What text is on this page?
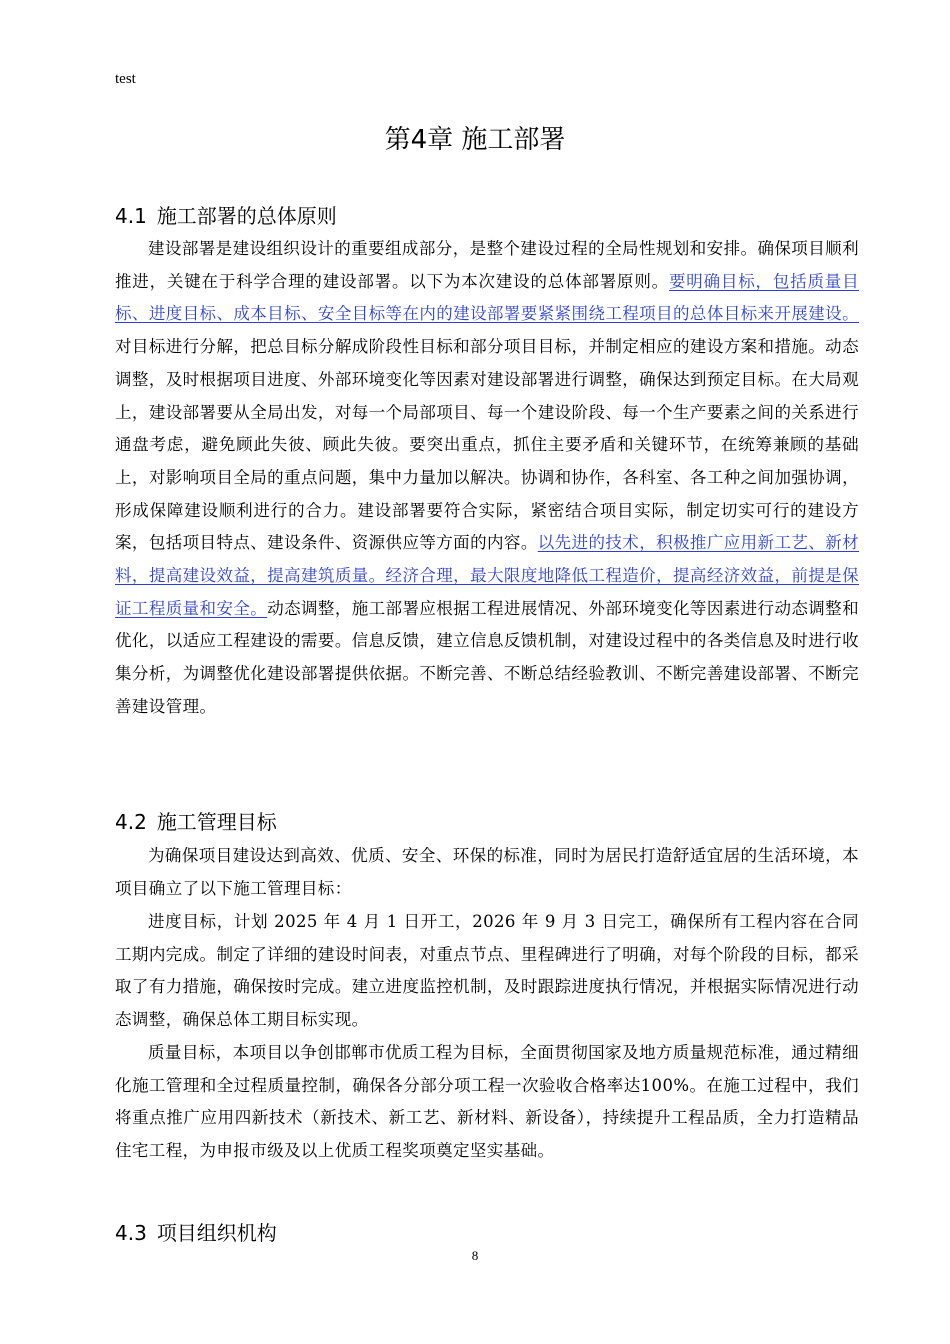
test
第4章 施工部署
4.1 施工部署的总体原则

建设部署是建设组织设计的重要组成部分，是整个建设过程的全局性规划和安排。确保项目顺利推进，关键在于科学合理的建设部署。以下为本次建设的总体部署原则。要明确目标，包括质量目标、进度目标、成本目标、安全目标等在内的建设部署要紧紧围绕工程项目的总体目标来开展建设。对目标进行分解，把总目标分解成阶段性目标和部分项目目标，并制定相应的建设方案和措施。动态调整，及时根据项目进度、外部环境变化等因素对建设部署进行调整，确保达到预定目标。在大局观上，建设部署要从全局出发，对每一个局部项目、每一个建设阶段、每一个生产要素之间的关系进行通盘考虑，避免顾此失彼、顾此失彼。要突出重点，抓住主要矛盾和关键环节，在统筹兼顾的基础上，对影响项目全局的重点问题，集中力量加以解决。协调和协作，各科室、各工种之间加强协调，形成保障建设顺利进行的合力。建设部署要符合实际，紧密结合项目实际，制定切实可行的建设方案，包括项目特点、建设条件、资源供应等方面的内容。以先进的技术，积极推广应用新工艺、新材料，提高建设效益，提高建筑质量。经济合理，最大限度地降低工程造价，提高经济效益，前提是保证工程质量和安全。动态调整，施工部署应根据工程进展情况、外部环境变化等因素进行动态调整和优化，以适应工程建设的需要。信息反馈，建立信息反馈机制，对建设过程中的各类信息及时进行收集分析，为调整优化建设部署提供依据。不断完善、不断总结经验教训、不断完善建设部署、不断完善建设管理。

4.2 施工管理目标

为确保项目建设达到高效、优质、安全、环保的标准，同时为居民打造舒适宜居的生活环境，本项目确立了以下施工管理目标：

进度目标，计划 2025 年 4 月 1 日开工，2026 年 9 月 3 日完工，确保所有工程内容在合同工期内完成。制定了详细的建设时间表，对重点节点、里程碑进行了明确，对每个阶段的目标，都采取了有力措施，确保按时完成。建立进度监控机制，及时跟踪进度执行情况，并根据实际情况进行动态调整，确保总体工期目标实现。

质量目标，本项目以争创邯郸市优质工程为目标，全面贯彻国家及地方质量规范标准，通过精细化施工管理和全过程质量控制，确保各分部分项工程一次验收合格率达100%。在施工过程中，我们将重点推广应用四新技术（新技术、新工艺、新材料、新设备），持续提升工程品质，全力打造精品住宅工程，为申报市级及以上优质工程奖项奠定坚实基础。

4.3 项目组织机构
8
